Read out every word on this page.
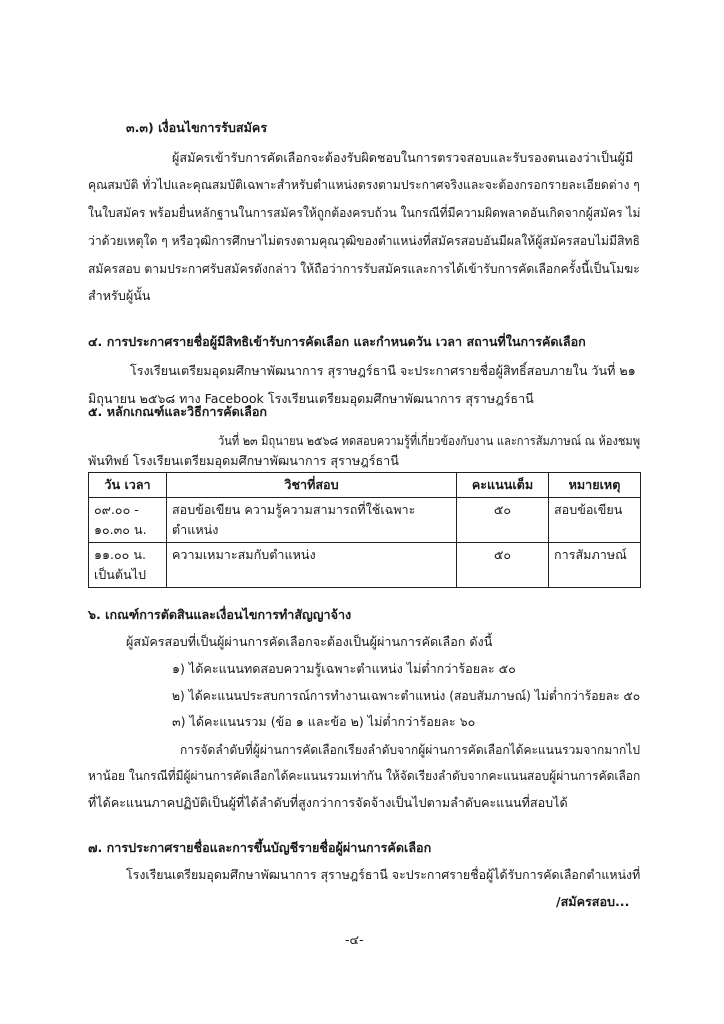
๓.๓) เงื่อนไขการรับสมัคร
ผู้สมัครเข้ารับการคัดเลือกจะต้องรับผิดชอบในการตรวจสอบและรับรองตนเองว่าเป็นผู้มี
คุณสมบัติ ทั่วไปและคุณสมบัติเฉพาะสำหรับตำแหน่งตรงตามประกาศจริงและจะต้องกรอกรายละเอียดต่าง ๆ
ในใบสมัคร พร้อมยื่นหลักฐานในการสมัครให้ถูกต้องครบถ้วน ในกรณีที่มีความผิดพลาดอันเกิดจากผู้สมัคร ไม่
ว่าด้วยเหตุใด ๆ หรือวุฒิการศึกษาไม่ตรงตามคุณวุฒิของตำแหน่งที่สมัครสอบอันมีผลให้ผู้สมัครสอบไม่มีสิทธิ
สมัครสอบ ตามประกาศรับสมัครดังกล่าว ให้ถือว่าการรับสมัครและการได้เข้ารับการคัดเลือกครั้งนี้เป็นโมฆะ
สำหรับผู้นั้น
๔. การประกาศรายชื่อผู้มีสิทธิเข้ารับการคัดเลือก และกำหนดวัน เวลา สถานที่ในการคัดเลือก
โรงเรียนเตรียมอุดมศึกษาพัฒนาการ สุราษฎร์ธานี จะประกาศรายชื่อผู้สิทธิ์สอบภายใน วันที่ ๒๑
มิถุนายน ๒๕๖๘ ทาง Facebook โรงเรียนเตรียมอุดมศึกษาพัฒนาการ สุราษฎร์ธานี
๕. หลักเกณฑ์และวิธีการคัดเลือก
วันที่ ๒๓ มิถุนายน ๒๕๖๘ ทดสอบความรู้ที่เกี่ยวข้องกับงาน และการสัมภาษณ์ ณ ห้องชมพู
พันทิพย์ โรงเรียนเตรียมอุดมศึกษาพัฒนาการ สุราษฎร์ธานี
วัน เวลา	วิชาที่สอบ	คะแนนเต็ม	หมายเหตุ

๐๙.๐๐ -
๑๐.๓๐ น.	สอบข้อเขียน ความรู้ความสามารถที่ใช้เฉพาะตำแหน่ง	๕๐	สอบข้อเขียน

๑๑.๐๐ น.
เป็นต้นไป	ความเหมาะสมกับตำแหน่ง	๕๐	การสัมภาษณ์
๖. เกณฑ์การตัดสินและเงื่อนไขการทำสัญญาจ้าง
ผู้สมัครสอบที่เป็นผู้ผ่านการคัดเลือกจะต้องเป็นผู้ผ่านการคัดเลือก ดังนี้
๑) ได้คะแนนทดสอบความรู้เฉพาะตำแหน่ง ไม่ต่ำกว่าร้อยละ ๕๐
๒) ได้คะแนนประสบการณ์การทำงานเฉพาะตำแหน่ง (สอบสัมภาษณ์) ไม่ต่ำกว่าร้อยละ ๕๐
๓) ได้คะแนนรวม (ข้อ ๑ และข้อ ๒) ไม่ต่ำกว่าร้อยละ ๖๐
การจัดลำดับที่ผู้ผ่านการคัดเลือกเรียงลำดับจากผู้ผ่านการคัดเลือกได้คะแนนรวมจากมากไป
หาน้อย ในกรณีที่มีผู้ผ่านการคัดเลือกได้คะแนนรวมเท่ากัน ให้จัดเรียงลำดับจากคะแนนสอบผู้ผ่านการคัดเลือก
ที่ได้คะแนนภาคปฏิบัติเป็นผู้ที่ได้ลำดับที่สูงกว่าการจัดจ้างเป็นไปตามลำดับคะแนนที่สอบได้
๗. การประกาศรายชื่อและการขึ้นบัญชีรายชื่อผู้ผ่านการคัดเลือก
โรงเรียนเตรียมอุดมศึกษาพัฒนาการ สุราษฎร์ธานี จะประกาศรายชื่อผู้ได้รับการคัดเลือกตำแหน่งที่
/สมัครสอบ...
-๔-
